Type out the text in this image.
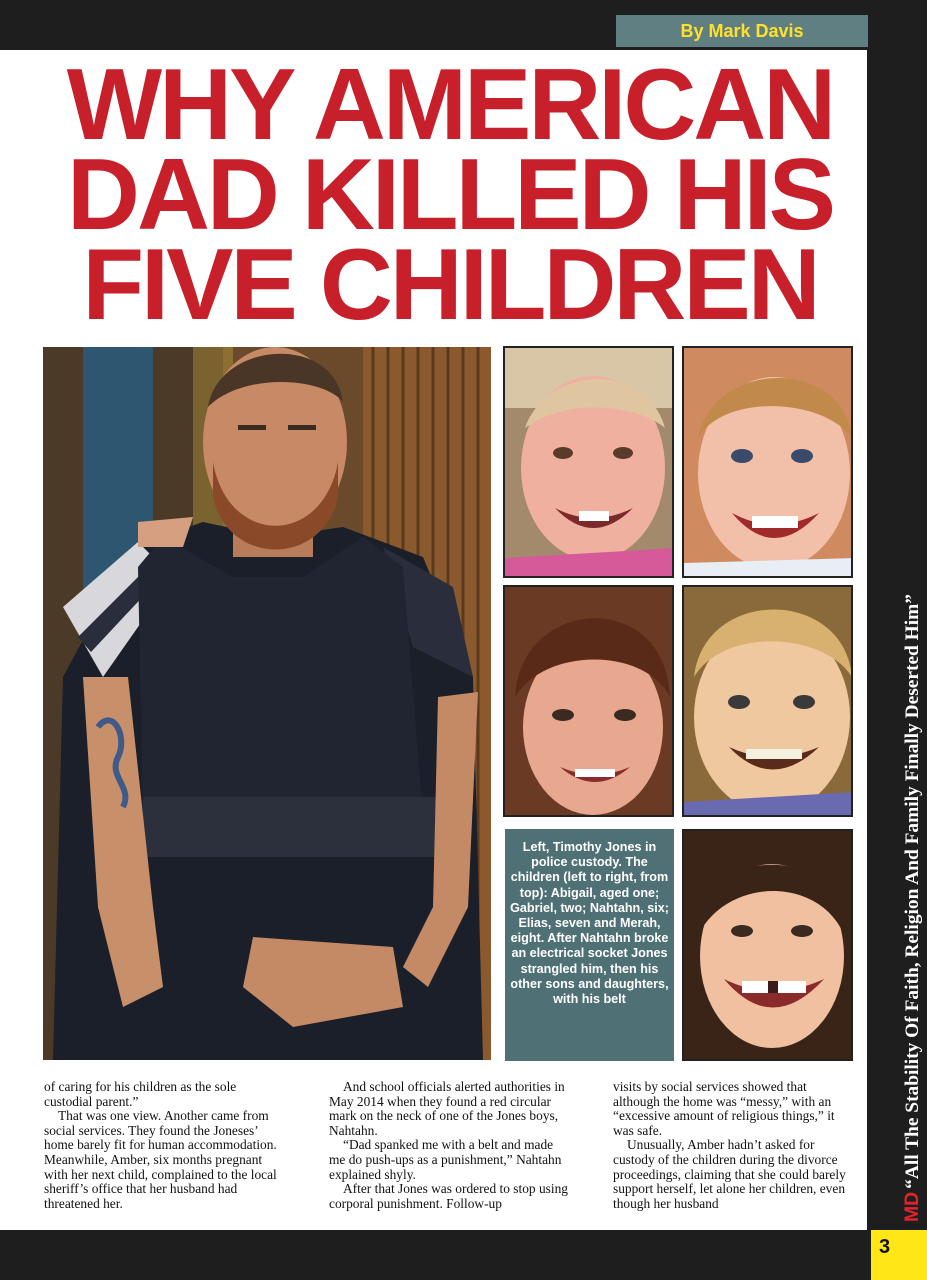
By Mark Davis
WHY AMERICAN
DAD KILLED HIS
FIVE CHILDREN
Left, Timothy Jones in police custody. The children (left to right, from top): Abigail, aged one; Gabriel, two; Nahtahn, six; Elias, seven and Merah, eight. After Nahtahn broke an electrical socket Jones strangled him, then his other sons and daughters, with his belt

of caring for his children as the sole custodial parent.”

That was one view. Another came from social services. They found the Joneses’ home barely fit for human accommodation. Meanwhile, Amber, six months pregnant with her next child, complained to the local sheriff’s office that her husband had threatened her.

And school officials alerted authorities in May 2014 when they found a red circular mark on the neck of one of the Jones boys, Nahtahn.

“Dad spanked me with a belt and made me do push-ups as a punishment,” Nahtahn explained shyly.

After that Jones was ordered to stop using corporal punishment. Follow-up

visits by social services showed that although the home was “messy,” with an “excessive amount of religious things,” it was safe.

Unusually, Amber hadn’t asked for custody of the children during the divorce proceedings, claiming that she could barely support herself, let alone her children, even though her husband	MD“All The Stability Of Faith, Religion And Family Finally Deserted Him”
3
